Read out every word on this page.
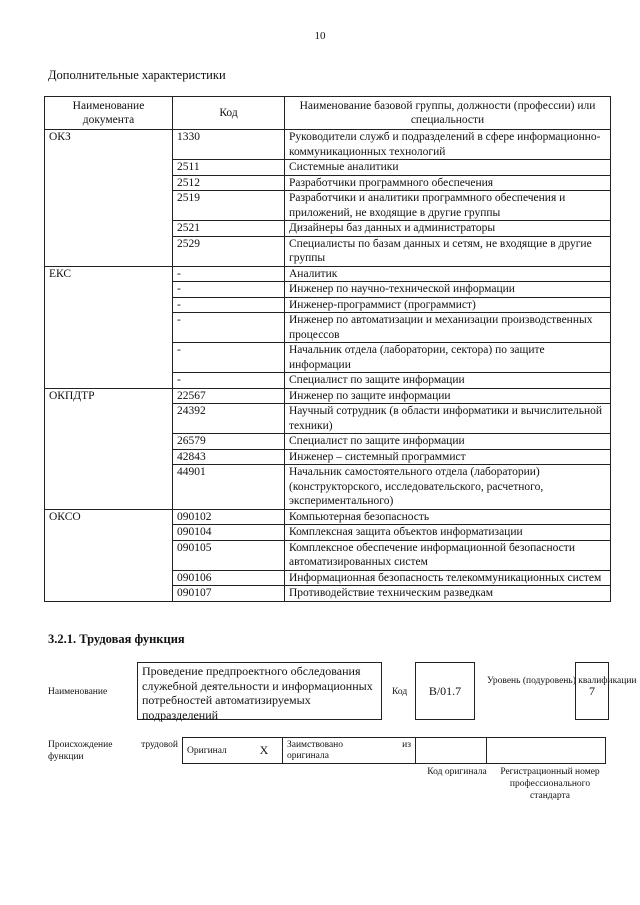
10
Дополнительные характеристики
Наименование документа	Код	Наименование базовой группы, должности (профессии) или специальности
ОКЗ	1330	Руководители служб и подразделений в сфере информационно-коммуникационных технологий
	2511	Системные аналитики
	2512	Разработчики программного обеспечения
	2519	Разработчики и аналитики программного обеспечения и приложений, не входящие в другие группы
	2521	Дизайнеры баз данных и администраторы
	2529	Специалисты по базам данных и сетям, не входящие в другие группы
ЕКС	-	Аналитик
	-	Инженер по научно-технической информации
	-	Инженер-программист (программист)
	-	Инженер по автоматизации и механизации производственных процессов
	-	Начальник отдела (лаборатории, сектора) по защите информации
	-	Специалист по защите информации
ОКПДТР	22567	Инженер по защите информации
	24392	Научный сотрудник (в области информатики и вычислительной техники)
	26579	Специалист по защите информации
	42843	Инженер – системный программист
	44901	Начальник самостоятельного отдела (лаборатории) (конструкторского, исследовательского, расчетного, экспериментального)
ОКСО	090102	Компьютерная безопасность
	090104	Комплексная защита объектов информатизации
	090105	Комплексное обеспечение информационной безопасности автоматизированных систем
	090106	Информационная безопасность телекоммуникационных систем
	090107	Противодействие техническим разведкам
3.2.1. Трудовая функция
Наименование
Проведение предпроектного обследования служебной деятельности и информационных потребностей автоматизируемых подразделений
Код	В/01.7
Уровень (подуровень) квалификации
7
Происхождение	трудовой
функции
Оригинал	X	Заимствовано	из
оригинала

Код оригинала	Регистрационный номер профессионального стандарта
